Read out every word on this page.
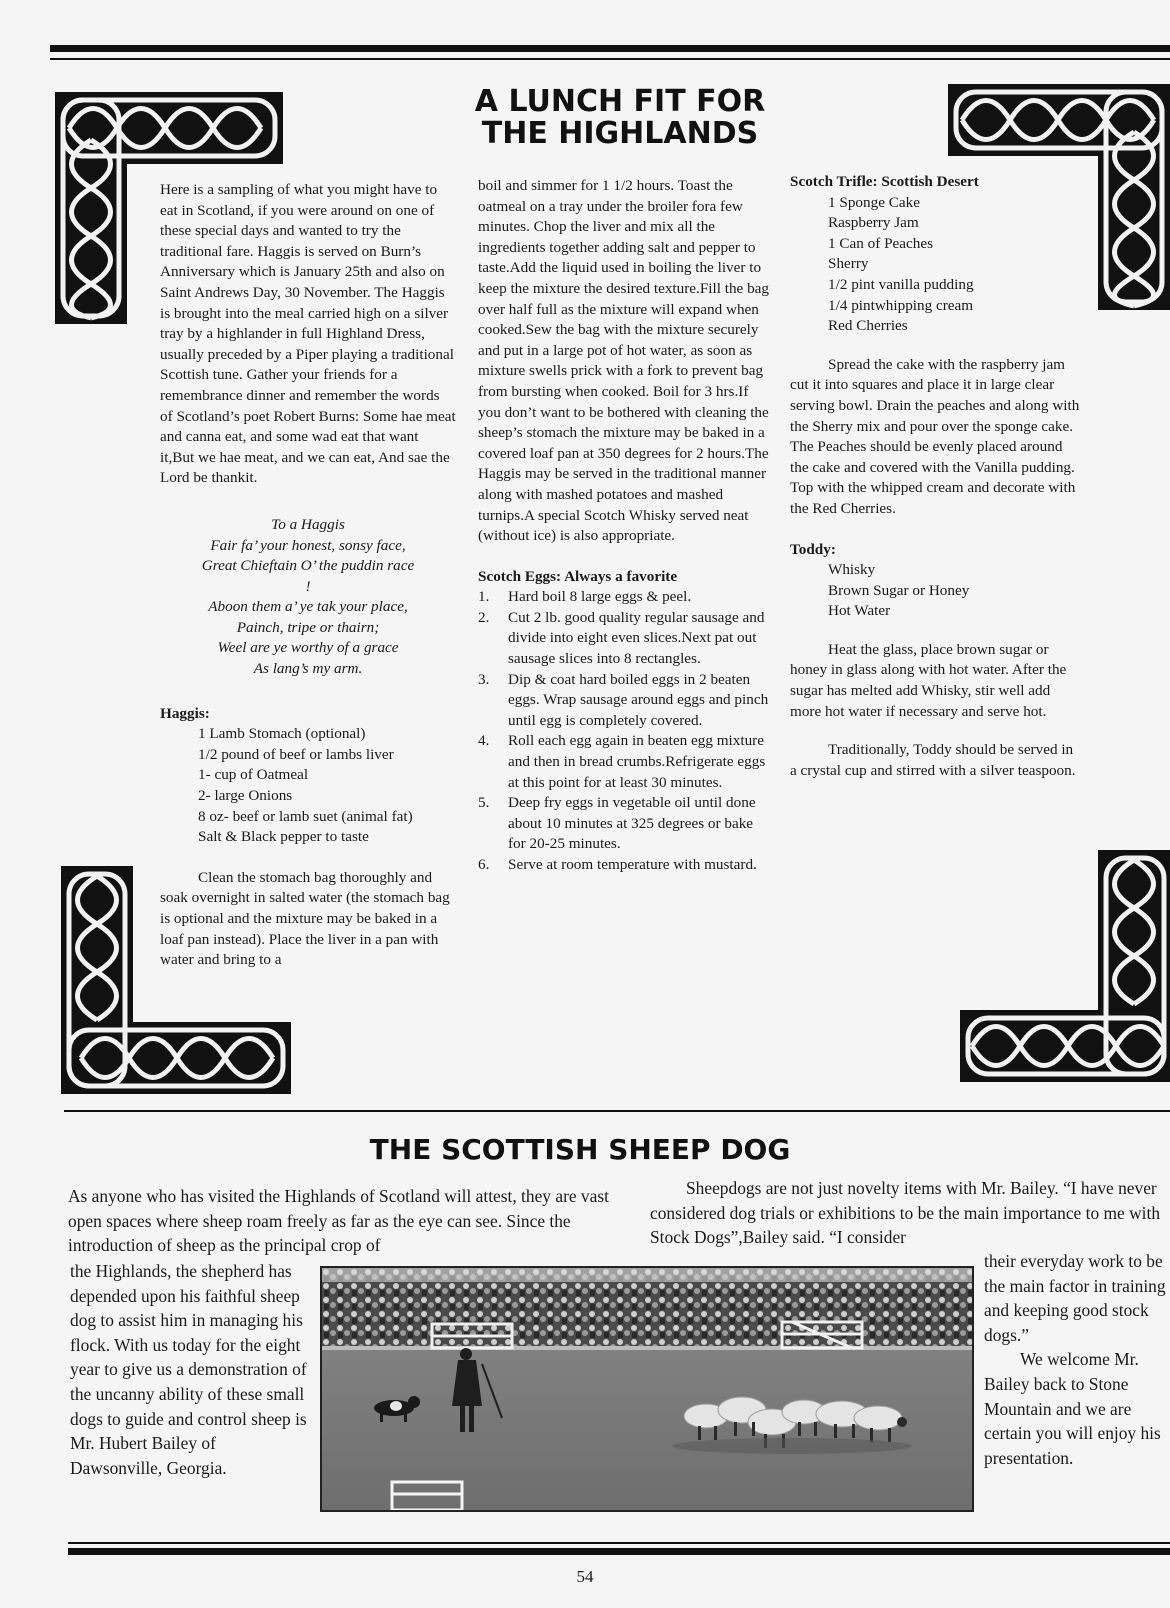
A LUNCH FIT FOR
THE HIGHLANDS

Here is a sampling of what you might have to eat in Scotland, if you were around on one of these special days and wanted to try the traditional fare. Haggis is served on Burn’s Anniversary which is January 25th and also on Saint Andrews Day, 30 November. The Haggis is brought into the meal carried high on a silver tray by a highlander in full Highland Dress, usually preceded by a Piper playing a traditional Scottish tune. Gather your friends for a remembrance dinner and remember the words of Scotland’s poet Robert Burns: Some hae meat and canna eat, and some wad eat that want it,But we hae meat, and we can eat, And sae the Lord be thankit.

To a Haggis
Fair fa’ your honest, sonsy face,
Great Chieftain O’ the puddin race
!
Aboon them a’ ye tak your place,
Painch, tripe or thairn;
Weel are ye worthy of a grace
As lang’s my arm.

Haggis:

1 Lamb Stomach (optional)
1/2 pound of beef or lambs liver
1- cup of Oatmeal
2- large Onions
8 oz- beef or lamb suet (animal fat)
Salt & Black pepper to taste

Clean the stomach bag thoroughly and soak overnight in salted water (the stomach bag is optional and the mixture may be baked in a loaf pan instead). Place the liver in a pan with water and bring to a

boil and simmer for 1 1/2 hours. Toast the oatmeal on a tray under the broiler fora few minutes. Chop the liver and mix all the ingredients together adding salt and pepper to taste.Add the liquid used in boiling the liver to keep the mixture the desired texture.Fill the bag over half full as the mixture will expand when cooked.Sew the bag with the mixture securely and put in a large pot of hot water, as soon as mixture swells prick with a fork to prevent bag from bursting when cooked. Boil for 3 hrs.If you don’t want to be bothered with cleaning the sheep’s stomach the mixture may be baked in a covered loaf pan at 350 degrees for 2 hours.The Haggis may be served in the traditional manner along with mashed potatoes and mashed turnips.A special Scotch Whisky served neat (without ice) is also appropriate.

Scotch Eggs: Always a favorite

1. Hard boil 8 large eggs & peel.
2. Cut 2 lb. good quality regular sausage and divide into eight even slices.Next pat out sausage slices into 8 rectangles.
3. Dip & coat hard boiled eggs in 2 beaten eggs. Wrap sausage around eggs and pinch until egg is completely covered.
4. Roll each egg again in beaten egg mixture and then in bread crumbs.Refrigerate eggs at this point for at least 30 minutes.
5. Deep fry eggs in vegetable oil until done about 10 minutes at 325 degrees or bake for 20-25 minutes.
6. Serve at room temperature with mustard.

Scotch Trifle: Scottish Desert

1 Sponge Cake
Raspberry Jam
1 Can of Peaches
Sherry
1/2 pint vanilla pudding
1/4 pintwhipping cream
Red Cherries

Spread the cake with the raspberry jam cut it into squares and place it in large clear serving bowl. Drain the peaches and along with the Sherry mix and pour over the sponge cake. The Peaches should be evenly placed around the cake and covered with the Vanilla pudding. Top with the whipped cream and decorate with the Red Cherries.

Toddy:

Whisky
Brown Sugar or Honey
Hot Water

Heat the glass, place brown sugar or honey in glass along with hot water. After the sugar has melted add Whisky, stir well add more hot water if necessary and serve hot.

Traditionally, Toddy should be served in a crystal cup and stirred with a silver teaspoon.

THE SCOTTISH SHEEP DOG

As anyone who has visited the Highlands of Scotland will attest, they are vast open spaces where sheep roam freely as far as the eye can see. Since the introduction of sheep as the principal crop of

the Highlands, the shepherd has depended upon his faithful sheep dog to assist him in managing his flock. With us today for the eight year to give us a demonstration of the uncanny ability of these small dogs to guide and control sheep is Mr. Hubert Bailey of Dawsonville, Georgia.

Sheepdogs are not just novelty items with Mr. Bailey. “I have never considered dog trials or exhibitions to be the main importance to me with Stock Dogs”,Bailey said. “I consider

their everyday work to be the main factor in training and keeping good stock dogs.”

We welcome Mr. Bailey back to Stone Mountain and we are certain you will enjoy his presentation.

54
